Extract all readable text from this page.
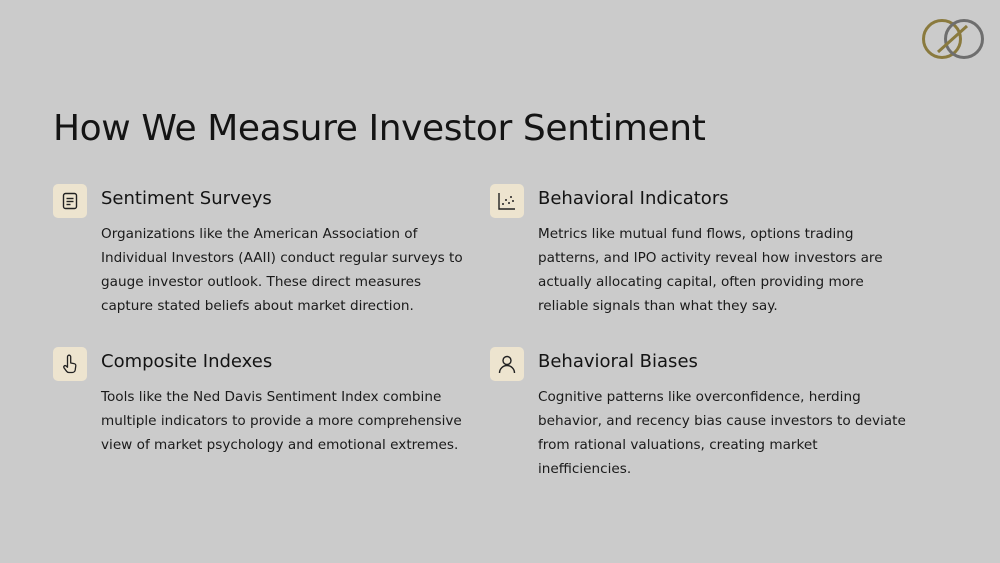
How We Measure Investor Sentiment
Sentiment Surveys

Organizations like the American Association of Individual Investors (AAII) conduct regular surveys to gauge investor outlook. These direct measures capture stated beliefs about market direction.

Behavioral Indicators

Metrics like mutual fund flows, options trading patterns, and IPO activity reveal how investors are actually allocating capital, often providing more reliable signals than what they say.

Composite Indexes

Tools like the Ned Davis Sentiment Index combine multiple indicators to provide a more comprehensive view of market psychology and emotional extremes.

Behavioral Biases

Cognitive patterns like overconfidence, herding behavior, and recency bias cause investors to deviate from rational valuations, creating market inefficiencies.
